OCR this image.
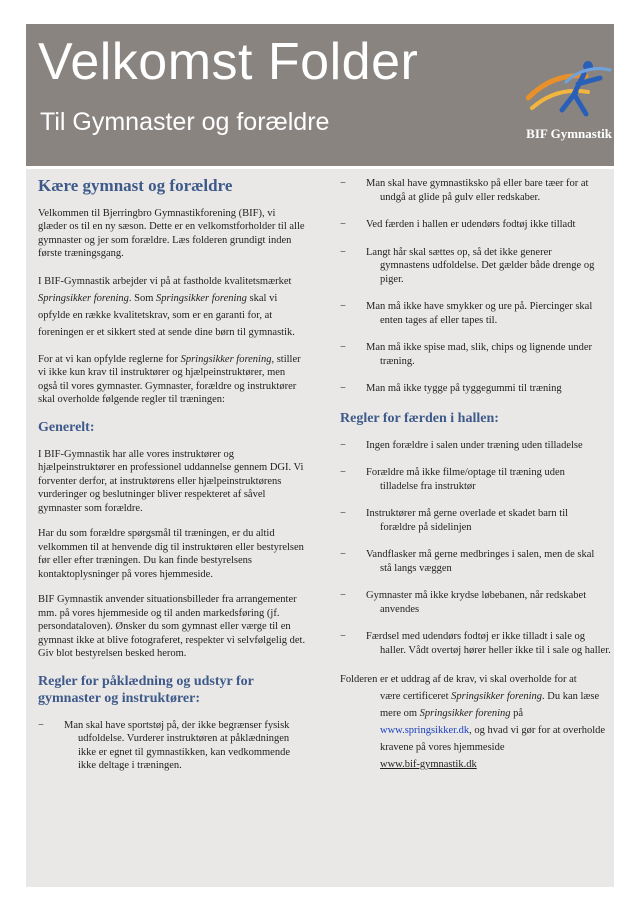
Velkomst Folder
Til Gymnaster og forældre	BIF Gymnastik
Kære gymnast og forældre

Velkommen til Bjerringbro Gymnastikforening (BIF), vi glæder os til en ny sæson. Dette er en velkomstforholder til alle gymnaster og jer som forældre. Læs folderen grundigt inden første træningsgang.

I BIF-Gymnastik arbejder vi på at fastholde kvalitetsmærket Springsikker forening. Som Springsikker forening skal vi opfylde en række kvalitetskrav, som er en garanti for, at foreningen er et sikkert sted at sende dine børn til gymnastik.

For at vi kan opfylde reglerne for Springsikker forening, stiller vi ikke kun krav til instruktører og hjælpeinstruktører, men også til vores gymnaster. Gymnaster, forældre og instruktører skal overholde følgende regler til træningen:

Generelt:

I BIF-Gymnastik har alle vores instruktører og hjælpeinstruktører en professionel uddannelse gennem DGI. Vi forventer derfor, at instruktørens eller hjælpeinstruktørens vurderinger og beslutninger bliver respekteret af såvel gymnaster som forældre.

Har du som forældre spørgsmål til træningen, er du altid velkommen til at henvende dig til instruktøren eller bestyrelsen før eller efter træningen. Du kan finde bestyrelsens kontaktoplysninger på vores hjemmeside.

BIF Gymnastik anvender situationsbilleder fra arrangementer mm. på vores hjemmeside og til anden markedsføring (jf. persondataloven). Ønsker du som gymnast eller værge til en gymnast ikke at blive fotograferet, respekter vi selvfølgelig det. Giv blot bestyrelsen besked herom.

Regler for påklædning og udstyr for gymnaster og instruktører:
− Man skal have sportstøj på, der ikke begrænser fysisk
udfoldelse. Vurderer instruktøren at påklædningen ikke er egnet til gymnastikken, kan vedkommende ikke deltage i træningen.
− Man skal have gymnastiksko på eller bare tæer for at
undgå at glide på gulv eller redskaber.
− Ved færden i hallen er udendørs fodtøj ikke tilladt
− Langt hår skal sættes op, så det ikke generer
gymnastens udfoldelse. Det gælder både drenge og piger.
− Man må ikke have smykker og ure på. Piercinger skal
enten tages af eller tapes til.
− Man må ikke spise mad, slik, chips og lignende under
træning.
− Man må ikke tygge på tyggegummi til træning
Regler for færden i hallen:
− Ingen forældre i salen under træning uden tilladelse
− Forældre må ikke filme/optage til træning uden
tilladelse fra instruktør
− Instruktører må gerne overlade et skadet barn til
forældre på sidelinjen
− Vandflasker må gerne medbringes i salen, men de skal
stå langs væggen
− Gymnaster må ikke krydse løbebanen, når redskabet
anvendes
− Færdsel med udendørs fodtøj er ikke tilladt i sale og
haller. Vådt overtøj hører heller ikke til i sale og haller.

Folderen er et uddrag af de krav, vi skal overholde for at

være certificeret Springsikker forening. Du kan læse mere om Springsikker forening på www.springsikker.dk, og hvad vi gør for at overholde kravene på vores hjemmeside
www.bif-gymnastik.dk
